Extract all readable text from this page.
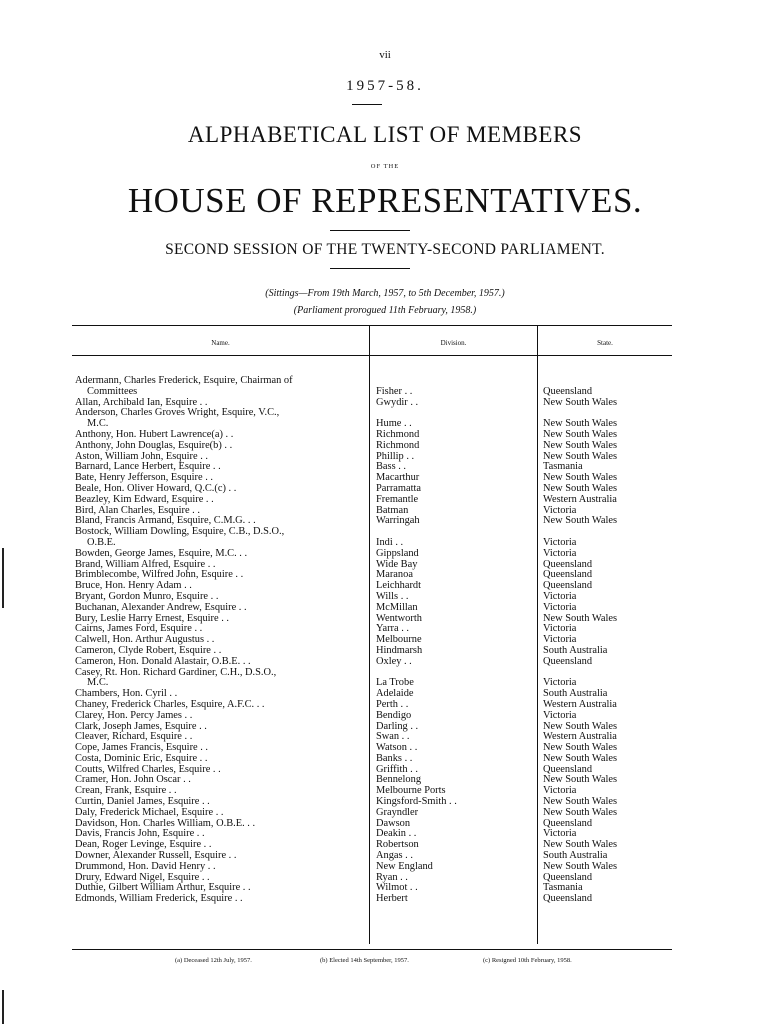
vii
1957-58.
ALPHABETICAL LIST OF MEMBERS
OF THE
HOUSE OF REPRESENTATIVES.
SECOND SESSION OF THE TWENTY-SECOND PARLIAMENT.
(Sittings—From 19th March, 1957, to 5th December, 1957.)
(Parliament prorogued 11th February, 1958.)
Name.	Division.	State.
Adermann, Charles Frederick, Esquire, Chairman of
Committees	Fisher . .	Queensland
Allan, Archibald Ian, Esquire . .	Gwydir . .	New South Wales
Anderson, Charles Groves Wright, Esquire, V.C.,
M.C.	Hume . .	New South Wales
Anthony, Hon. Hubert Lawrence(a) . .	Richmond	New South Wales
Anthony, John Douglas, Esquire(b) . .	Richmond	New South Wales
Aston, William John, Esquire . .	Phillip . .	New South Wales
Barnard, Lance Herbert, Esquire . .	Bass . .	Tasmania
Bate, Henry Jefferson, Esquire . .	Macarthur	New South Wales
Beale, Hon. Oliver Howard, Q.C.(c) . .	Parramatta	New South Wales
Beazley, Kim Edward, Esquire . .	Fremantle	Western Australia
Bird, Alan Charles, Esquire . .	Batman	Victoria
Bland, Francis Armand, Esquire, C.M.G. . .	Warringah	New South Wales
Bostock, William Dowling, Esquire, C.B., D.S.O.,
O.B.E.	Indi . .	Victoria
Bowden, George James, Esquire, M.C. . .	Gippsland	Victoria
Brand, William Alfred, Esquire . .	Wide Bay	Queensland
Brimblecombe, Wilfred John, Esquire . .	Maranoa	Queensland
Bruce, Hon. Henry Adam . .	Leichhardt	Queensland
Bryant, Gordon Munro, Esquire . .	Wills . .	Victoria
Buchanan, Alexander Andrew, Esquire . .	McMillan	Victoria
Bury, Leslie Harry Ernest, Esquire . .	Wentworth	New South Wales
Cairns, James Ford, Esquire . .	Yarra . .	Victoria
Calwell, Hon. Arthur Augustus . .	Melbourne	Victoria
Cameron, Clyde Robert, Esquire . .	Hindmarsh	South Australia
Cameron, Hon. Donald Alastair, O.B.E. . .	Oxley . .	Queensland
Casey, Rt. Hon. Richard Gardiner, C.H., D.S.O.,
M.C.	La Trobe	Victoria
Chambers, Hon. Cyril . .	Adelaide	South Australia
Chaney, Frederick Charles, Esquire, A.F.C. . .	Perth . .	Western Australia
Clarey, Hon. Percy James . .	Bendigo	Victoria
Clark, Joseph James, Esquire . .	Darling . .	New South Wales
Cleaver, Richard, Esquire . .	Swan . .	Western Australia
Cope, James Francis, Esquire . .	Watson . .	New South Wales
Costa, Dominic Eric, Esquire . .	Banks . .	New South Wales
Coutts, Wilfred Charles, Esquire . .	Griffith . .	Queensland
Cramer, Hon. John Oscar . .	Bennelong	New South Wales
Crean, Frank, Esquire . .	Melbourne Ports	Victoria
Curtin, Daniel James, Esquire . .	Kingsford-Smith . .	New South Wales
Daly, Frederick Michael, Esquire . .	Grayndler	New South Wales
Davidson, Hon. Charles William, O.B.E. . .	Dawson	Queensland
Davis, Francis John, Esquire . .	Deakin . .	Victoria
Dean, Roger Levinge, Esquire . .	Robertson	New South Wales
Downer, Alexander Russell, Esquire . .	Angas . .	South Australia
Drummond, Hon. David Henry . .	New England	New South Wales
Drury, Edward Nigel, Esquire . .	Ryan . .	Queensland
Duthie, Gilbert William Arthur, Esquire . .	Wilmot . .	Tasmania
Edmonds, William Frederick, Esquire . .	Herbert	Queensland
(a) Deceased 12th July, 1957.	(b) Elected 14th September, 1957.	(c) Resigned 10th February, 1958.
